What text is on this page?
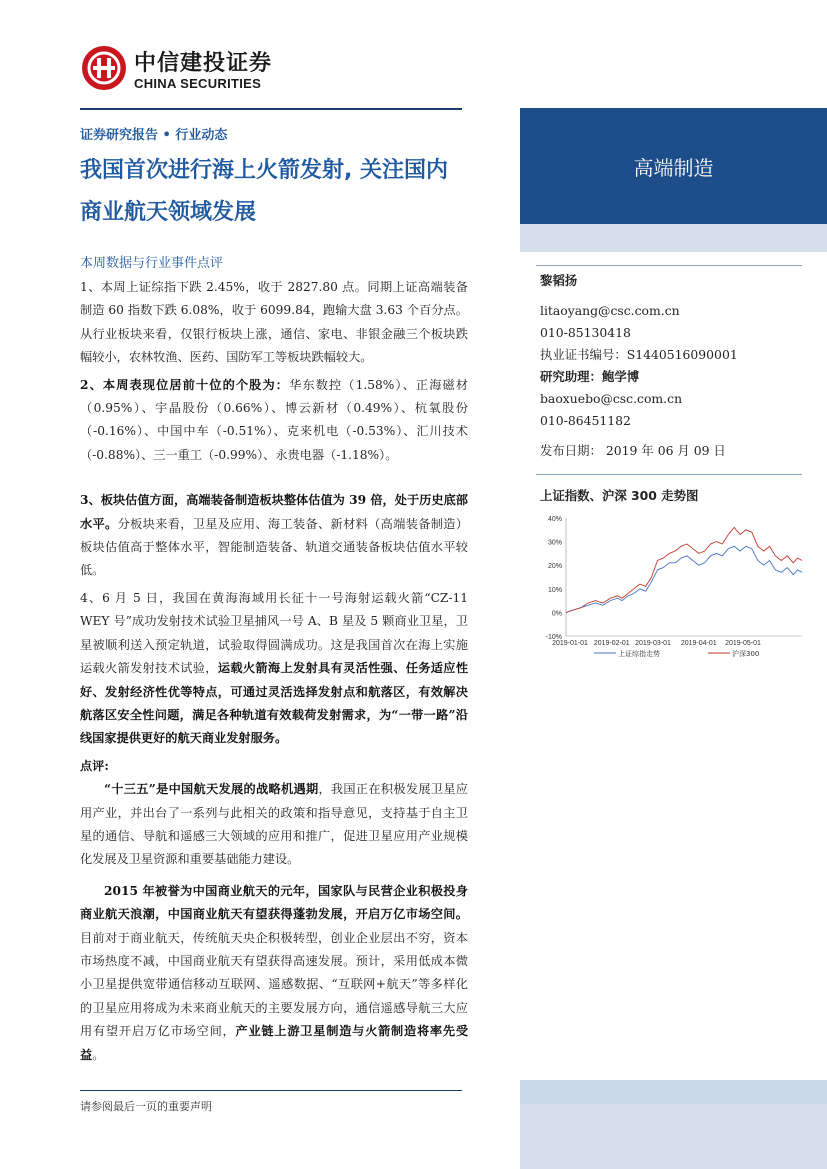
高端制造
中信建投证券
CHINA SECURITIES
证券研究报告 • 行业动态
我国首次进行海上火箭发射, 关注国内
商业航天领域发展
本周数据与行业事件点评

1、本周上证综指下跌 2.45%，收于 2827.80 点。同期上证高端装备制造 60 指数下跌 6.08%，收于 6099.84，跑输大盘 3.63 个百分点。从行业板块来看，仅银行板块上涨，通信、家电、非银金融三个板块跌幅较小，农林牧渔、医药、国防军工等板块跌幅较大。

2、本周表现位居前十位的个股为：华东数控（1.58%）、正海磁材（0.95%）、宇晶股份（0.66%）、博云新材（0.49%）、杭氧股份（-0.16%）、中国中车（-0.51%）、克来机电（-0.53%）、汇川技术（-0.88%）、三一重工（-0.99%）、永贵电器（-1.18%）。

3、板块估值方面，高端装备制造板块整体估值为 39 倍，处于历史底部水平。分板块来看，卫星及应用、海工装备、新材料（高端装备制造）板块估值高于整体水平，智能制造装备、轨道交通装备板块估值水平较低。

4、6 月 5 日，我国在黄海海域用长征十一号海射运载火箭“CZ-11 WEY 号”成功发射技术试验卫星捕风一号 A、B 星及 5 颗商业卫星，卫星被顺利送入预定轨道，试验取得圆满成功。这是我国首次在海上实施运载火箭发射技术试验，运载火箭海上发射具有灵活性强、任务适应性好、发射经济性优等特点，可通过灵活选择发射点和航落区，有效解决航落区安全性问题，满足各种轨道有效载荷发射需求，为“一带一路”沿线国家提供更好的航天商业发射服务。

点评:

“十三五”是中国航天发展的战略机遇期，我国正在积极发展卫星应用产业，并出台了一系列与此相关的政策和指导意见，支持基于自主卫星的通信、导航和遥感三大领域的应用和推广，促进卫星应用产业规模化发展及卫星资源和重要基础能力建设。

2015 年被誉为中国商业航天的元年，国家队与民营企业积极投身商业航天浪潮，中国商业航天有望获得蓬勃发展，开启万亿市场空间。目前对于商业航天，传统航天央企积极转型，创业企业层出不穷，资本市场热度不减，中国商业航天有望获得高速发展。预计，采用低成本微小卫星提供宽带通信移动互联网、遥感数据、“互联网+航天”等多样化的卫星应用将成为未来商业航天的主要发展方向，通信遥感导航三大应用有望开启万亿市场空间，产业链上游卫星制造与火箭制造将率先受益。

黎韬扬
litaoyang@csc.com.cn
010-85130418
执业证书编号：S1440516090001
研究助理：鲍学博
baoxuebo@csc.com.cn
010-86451182
发布日期： 2019 年 06 月 09 日
上证指数、沪深 300 走势图
40%
30%
20%
10%
0%
-10%
2019-01-01 2019-02-01 2019-03-01 2019-04-01 2019-05-01
上证综指走势	沪深300
请参阅最后一页的重要声明
